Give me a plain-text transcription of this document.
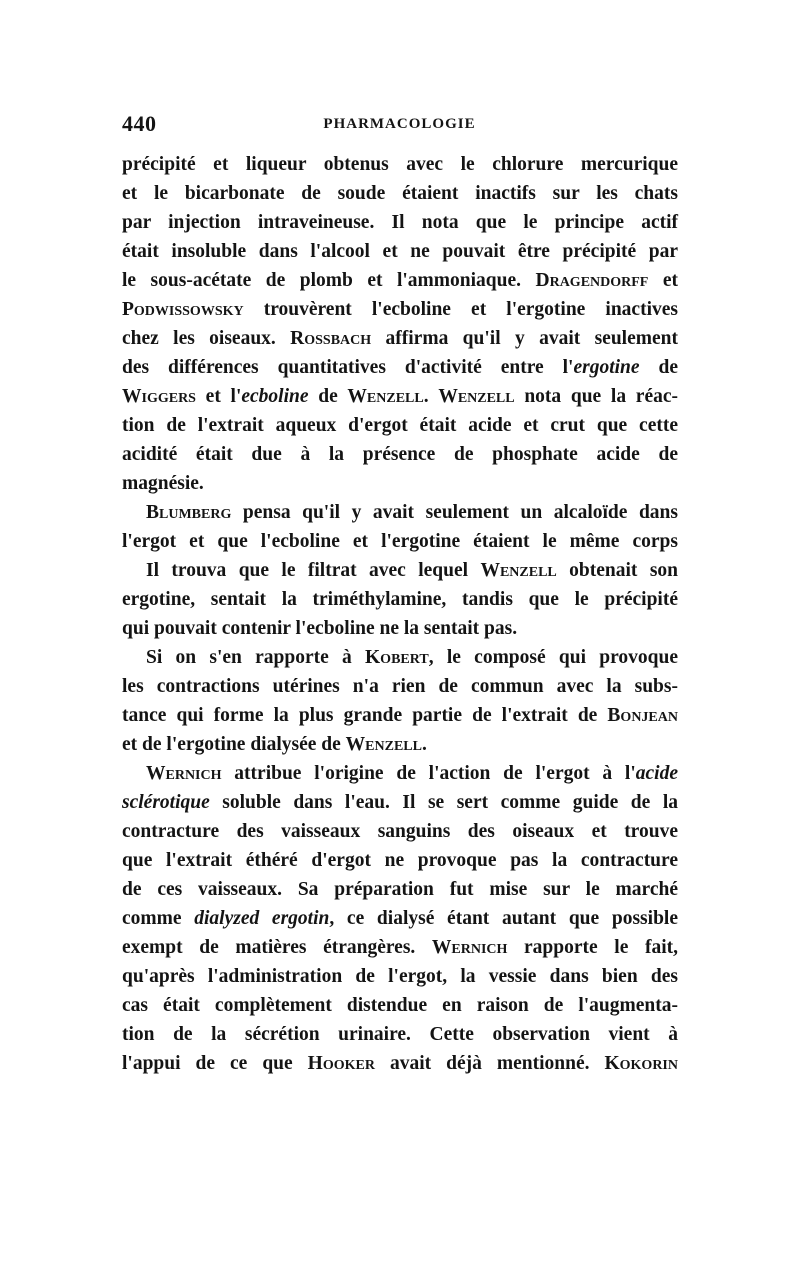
440	PHARMACOLOGIE
précipité et liqueur obtenus avec le chlorure mercurique
et le bicarbonate de soude étaient inactifs sur les chats
par injection intraveineuse. Il nota que le principe actif
était insoluble dans l'alcool et ne pouvait être précipité par
le sous-acétate de plomb et l'ammoniaque. Dragendorff et
Podwissowsky trouvèrent l'ecboline et l'ergotine inactives
chez les oiseaux. Rossbach affirma qu'il y avait seulement
des différences quantitatives d'activité entre l'ergotine de
Wiggers et l'ecboline de Wenzell. Wenzell nota que la réac-
tion de l'extrait aqueux d'ergot était acide et crut que cette
acidité était due à la présence de phosphate acide de
magnésie.
Blumberg pensa qu'il y avait seulement un alcaloïde dans
l'ergot et que l'ecboline et l'ergotine étaient le même corps
Il trouva que le filtrat avec lequel Wenzell obtenait son
ergotine, sentait la triméthylamine, tandis que le précipité
qui pouvait contenir l'ecboline ne la sentait pas.
Si on s'en rapporte à Kobert, le composé qui provoque
les contractions utérines n'a rien de commun avec la subs-
tance qui forme la plus grande partie de l'extrait de Bonjean
et de l'ergotine dialysée de Wenzell.
Wernich attribue l'origine de l'action de l'ergot à l'acide
sclérotique soluble dans l'eau. Il se sert comme guide de la
contracture des vaisseaux sanguins des oiseaux et trouve
que l'extrait éthéré d'ergot ne provoque pas la contracture
de ces vaisseaux. Sa préparation fut mise sur le marché
comme dialyzed ergotin, ce dialysé étant autant que possible
exempt de matières étrangères. Wernich rapporte le fait,
qu'après l'administration de l'ergot, la vessie dans bien des
cas était complètement distendue en raison de l'augmenta-
tion de la sécrétion urinaire. Cette observation vient à
l'appui de ce que Hooker avait déjà mentionné. Kokorin
